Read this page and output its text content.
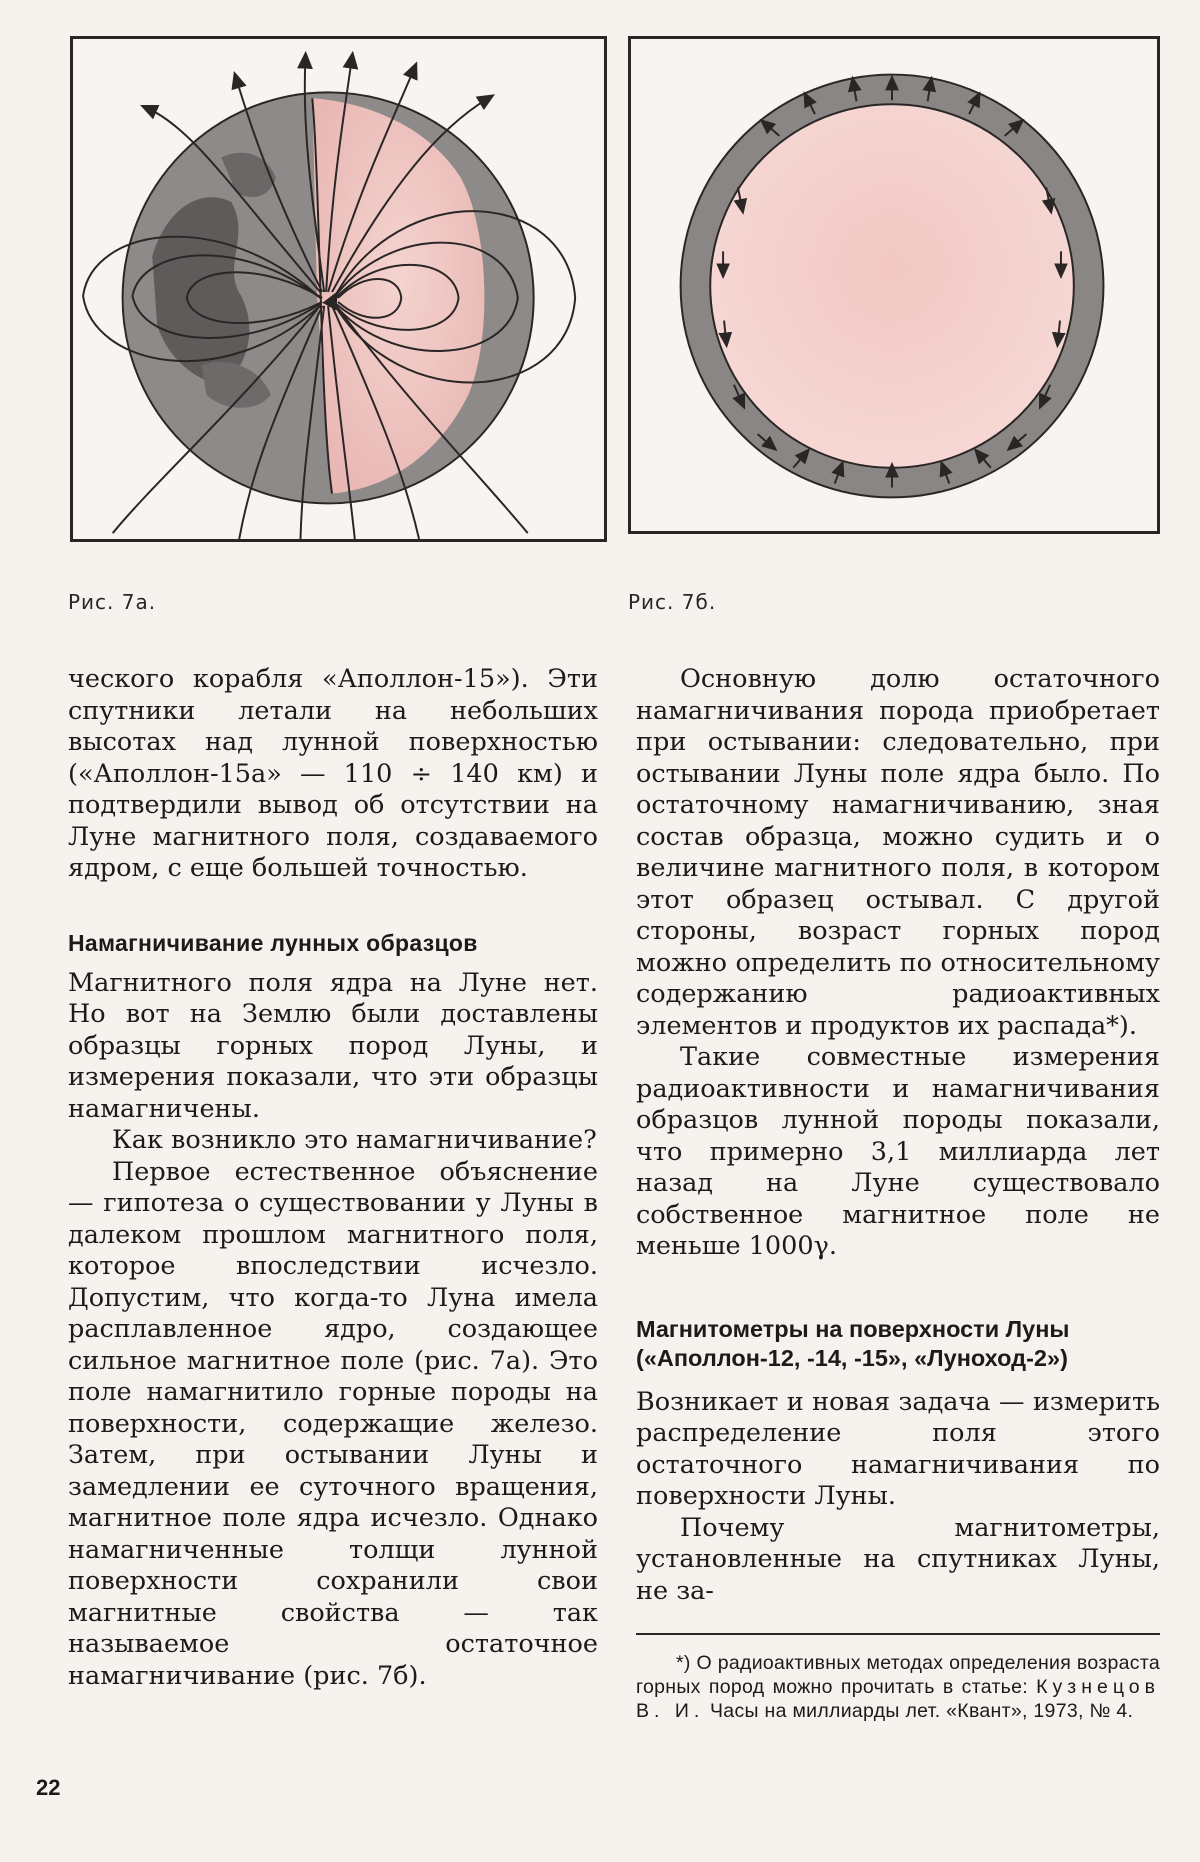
Рис. 7а.	Рис. 7б.

ческого корабля «Аполлон-15»). Эти спутники летали на небольших высотах над лунной поверхностью («Аполлон-15а» — 110 ÷ 140 км) и подтвердили вывод об отсутствии на Луне магнитного поля, создаваемого ядром, с еще большей точностью.

Намагничивание лунных образцов

Магнитного поля ядра на Луне нет. Но вот на Землю были доставлены образцы горных пород Луны, и измерения показали, что эти образцы намагничены.

Как возникло это намагничивание?

Первое естественное объяснение — гипотеза о существовании у Луны в далеком прошлом магнитного поля, которое впоследствии исчезло. Допустим, что когда-то Луна имела расплавленное ядро, создающее сильное магнитное поле (рис. 7а). Это поле намагнитило горные породы на поверхности, содержащие железо. Затем, при остывании Луны и замедлении ее суточного вращения, магнитное поле ядра исчезло. Однако намагниченные толщи лунной поверхности сохранили свои магнитные свойства — так называемое остаточное намагничивание (рис. 7б).

Основную долю остаточного намагничивания порода приобретает при остывании: следовательно, при остывании Луны поле ядра было. По остаточному намагничиванию, зная состав образца, можно судить и о величине магнитного поля, в котором этот образец остывал. С другой стороны, возраст горных пород можно определить по относительному содержанию радиоактивных элементов и продуктов их распада*).

Такие совместные измерения радиоактивности и намагничивания образцов лунной породы показали, что примерно 3,1 миллиарда лет назад на Луне существовало собственное магнитное поле не меньше 1000γ.

Магнитометры на поверхности Луны («Аполлон-12, -14, -15», «Луноход-2»)

Возникает и новая задача — измерить распределение поля этого остаточного намагничивания по поверхности Луны.

Почему магнитометры, установленные на спутниках Луны, не за-

*) О радиоактивных методах определения возраста горных пород можно прочитать в статье: Кузнецов В. И. Часы на миллиарды лет. «Квант», 1973, № 4.
22
